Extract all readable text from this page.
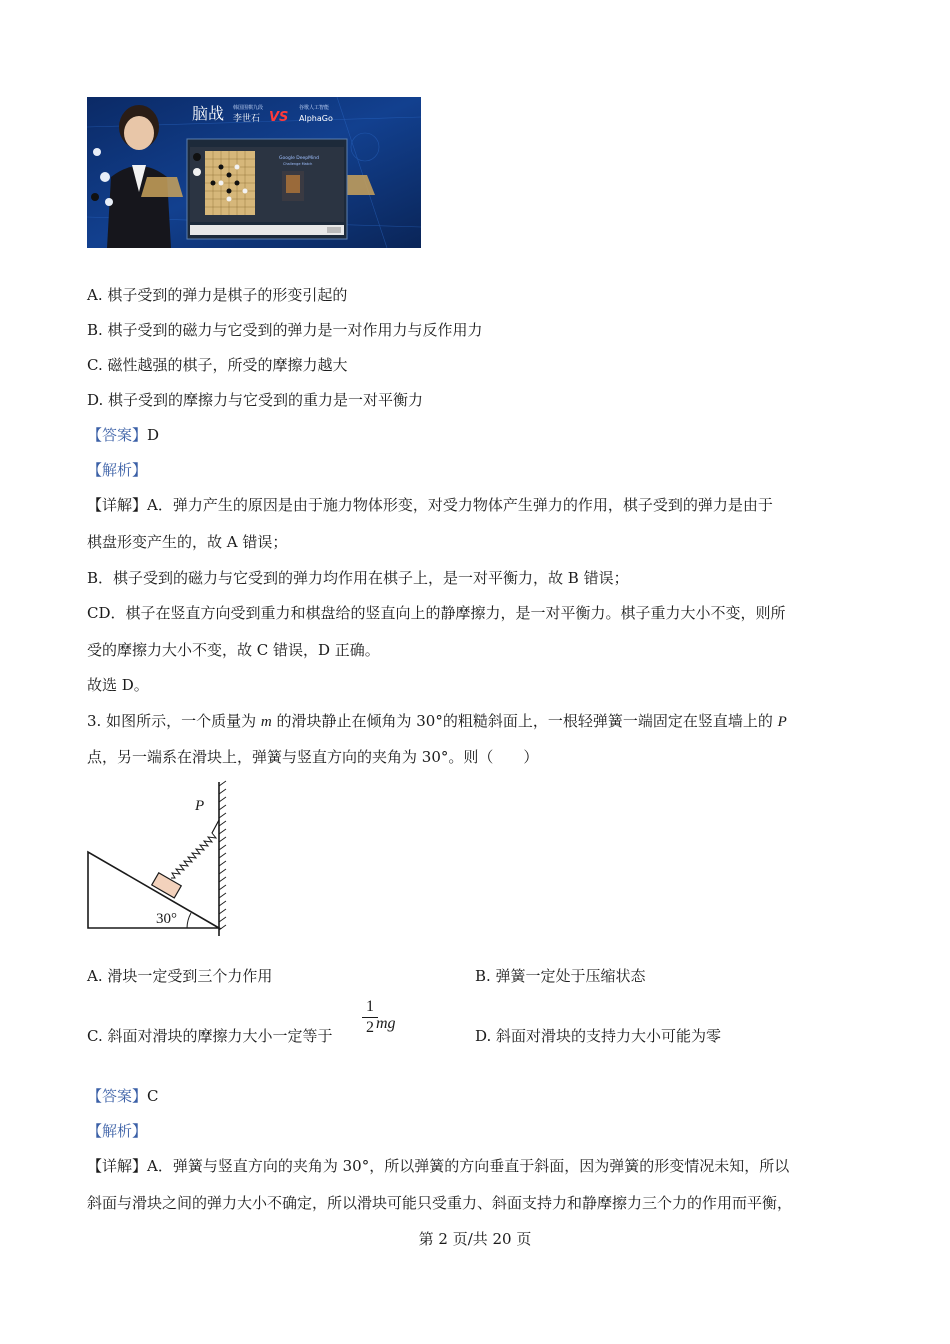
脑战 韩国围棋九段
李世石 VS
谷歌人工智能
AlphaGo
Google DeepMind
Challenge Match
A. 棋子受到的弹力是棋子的形变引起的
B. 棋子受到的磁力与它受到的弹力是一对作用力与反作用力
C. 磁性越强的棋子，所受的摩擦力越大
D. 棋子受到的摩擦力与它受到的重力是一对平衡力
【答案】D
【解析】
【详解】A．弹力产生的原因是由于施力物体形变，对受力物体产生弹力的作用，棋子受到的弹力是由于
棋盘形变产生的，故 A 错误；
B．棋子受到的磁力与它受到的弹力均作用在棋子上，是一对平衡力，故 B 错误；
CD．棋子在竖直方向受到重力和棋盘给的竖直向上的静摩擦力，是一对平衡力。棋子重力大小不变，则所
受的摩擦力大小不变，故 C 错误，D 正确。
故选 D。
3. 如图所示，一个质量为 m 的滑块静止在倾角为 30°的粗糙斜面上，一根轻弹簧一端固定在竖直墙上的 P
点，另一端系在滑块上，弹簧与竖直方向的夹角为 30°。则（　　）
P
30°
A. 滑块一定受到三个力作用	B. 弹簧一定处于压缩状态
C. 斜面对滑块的摩擦力大小一定等于
1
2 mg
D. 斜面对滑块的支持力大小可能为零
【答案】C
【解析】
【详解】A．弹簧与竖直方向的夹角为 30°，所以弹簧的方向垂直于斜面，因为弹簧的形变情况未知，所以
斜面与滑块之间的弹力大小不确定，所以滑块可能只受重力、斜面支持力和静摩擦力三个力的作用而平衡，
第 2 页/共 20 页
